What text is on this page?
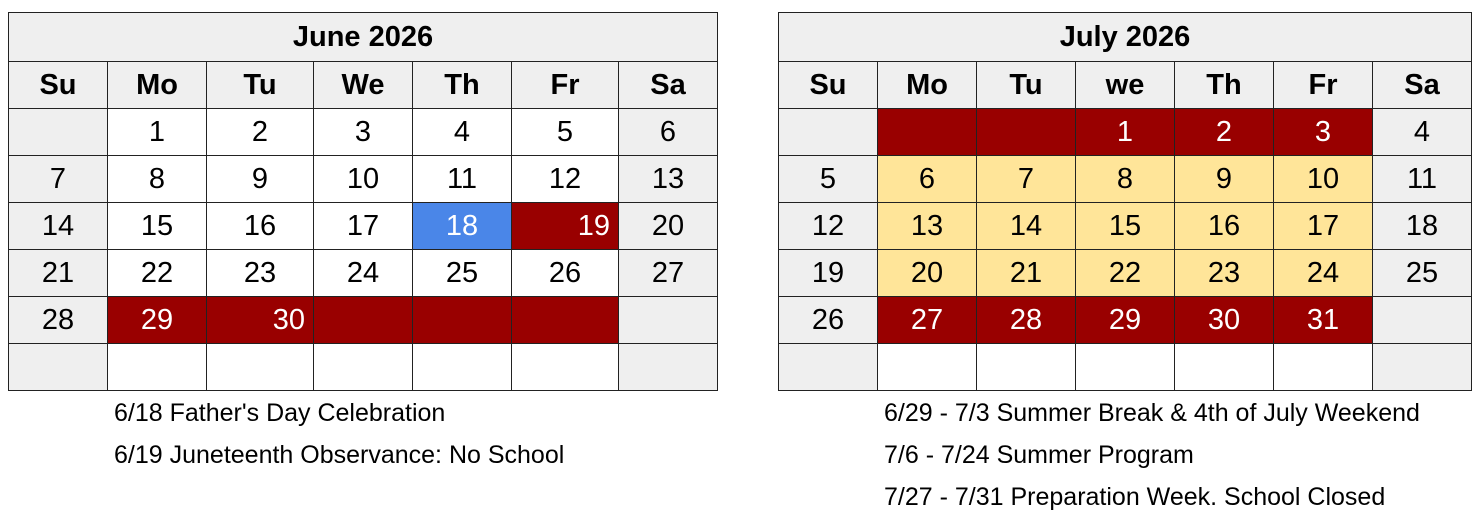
June 2026						
Su	Mo	Tu	We	Th	Fr	Sa
	1	2	3	4	5	6
7	8	9	10	11	12	13
14	15	16	17	18	19	20
21	22	23	24	25	26	27
28	29	30				

July 2026						
Su	Mo	Tu	we	Th	Fr	Sa
			1	2	3	4
5	6	7	8	9	10	11
12	13	14	15	16	17	18
19	20	21	22	23	24	25
26	27	28	29	30	31	

6/18 Father's Day Celebration
6/19 Juneteenth Observance: No School
6/29 - 7/3 Summer Break & 4th of July Weekend
7/6 - 7/24 Summer Program
7/27 - 7/31 Preparation Week. School Closed
